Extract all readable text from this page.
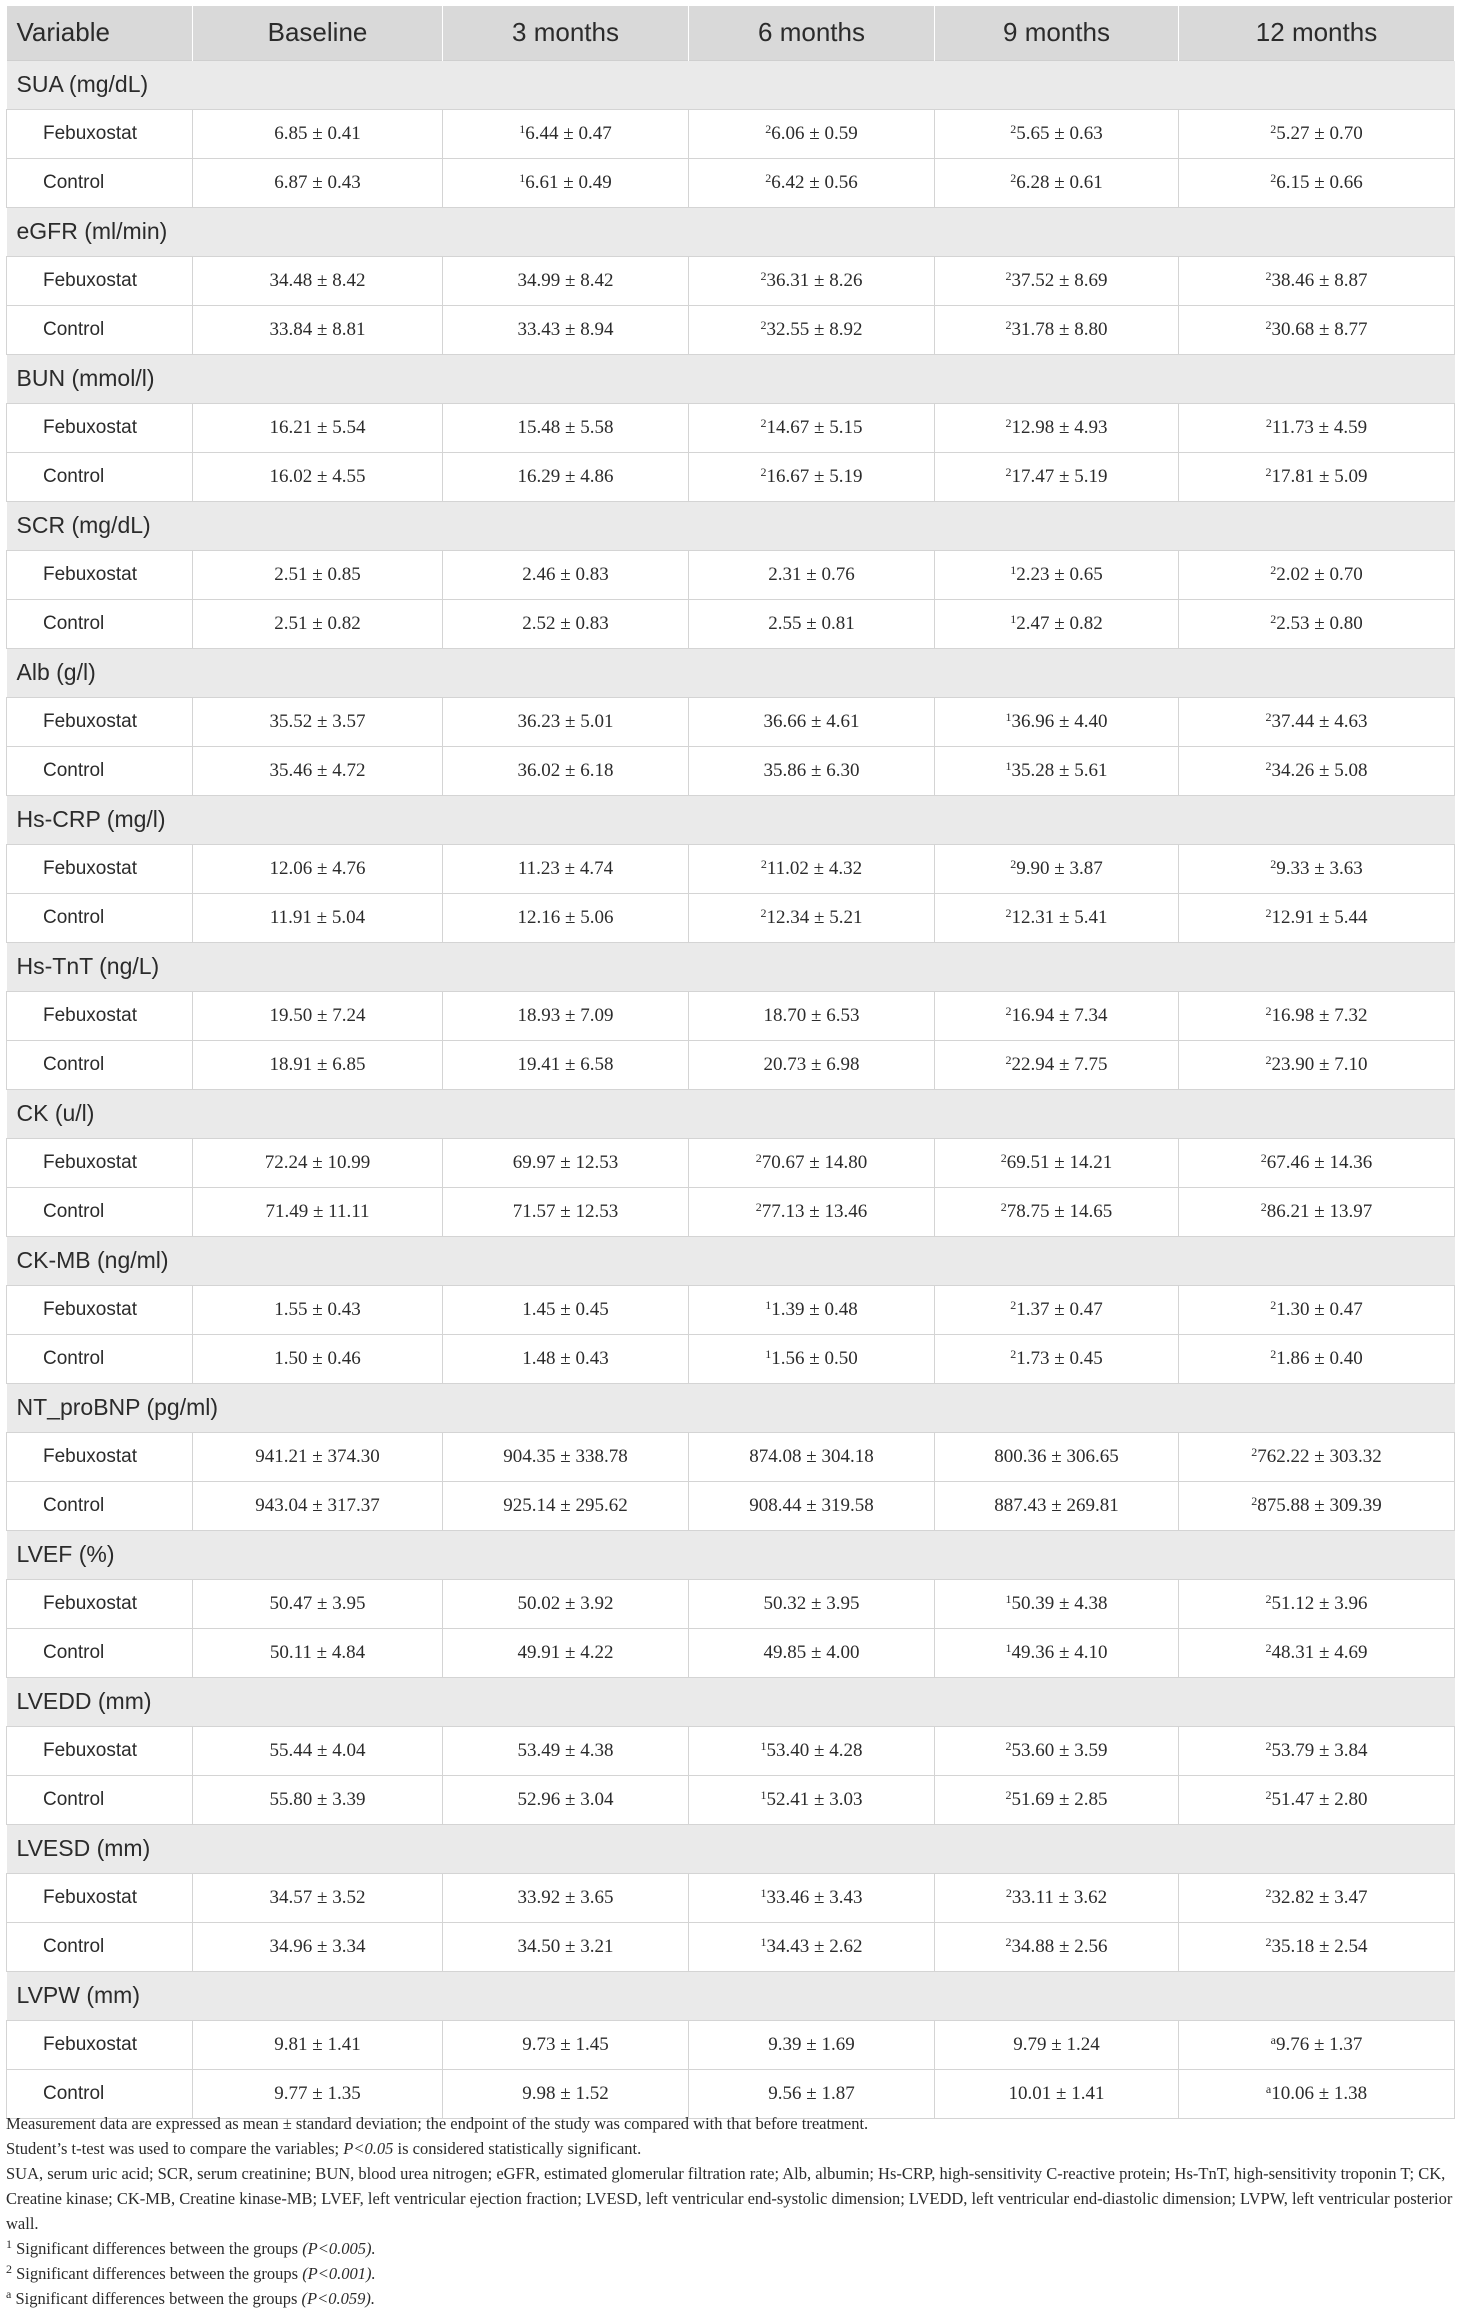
Variable	Baseline	3 months	6 months	9 months	12 months
SUA (mg/dL)					
Febuxostat	6.85 ± 0.41	$^1$6.44 ± 0.47	$^2$6.06 ± 0.59	$^2$5.65 ± 0.63	$^2$5.27 ± 0.70
Control	6.87 ± 0.43	$^1$6.61 ± 0.49	$^2$6.42 ± 0.56	$^2$6.28 ± 0.61	$^2$6.15 ± 0.66
eGFR (ml/min)					
Febuxostat	34.48 ± 8.42	34.99 ± 8.42	$^2$36.31 ± 8.26	$^2$37.52 ± 8.69	$^2$38.46 ± 8.87
Control	33.84 ± 8.81	33.43 ± 8.94	$^2$32.55 ± 8.92	$^2$31.78 ± 8.80	$^2$30.68 ± 8.77
BUN (mmol/l)					
Febuxostat	16.21 ± 5.54	15.48 ± 5.58	$^2$14.67 ± 5.15	$^2$12.98 ± 4.93	$^2$11.73 ± 4.59
Control	16.02 ± 4.55	16.29 ± 4.86	$^2$16.67 ± 5.19	$^2$17.47 ± 5.19	$^2$17.81 ± 5.09
SCR (mg/dL)					
Febuxostat	2.51 ± 0.85	2.46 ± 0.83	2.31 ± 0.76	$^1$2.23 ± 0.65	$^2$2.02 ± 0.70
Control	2.51 ± 0.82	2.52 ± 0.83	2.55 ± 0.81	$^1$2.47 ± 0.82	$^2$2.53 ± 0.80
Alb (g/l)					
Febuxostat	35.52 ± 3.57	36.23 ± 5.01	36.66 ± 4.61	$^1$36.96 ± 4.40	$^2$37.44 ± 4.63
Control	35.46 ± 4.72	36.02 ± 6.18	35.86 ± 6.30	$^1$35.28 ± 5.61	$^2$34.26 ± 5.08
Hs-CRP (mg/l)					
Febuxostat	12.06 ± 4.76	11.23 ± 4.74	$^2$11.02 ± 4.32	$^2$9.90 ± 3.87	$^2$9.33 ± 3.63
Control	11.91 ± 5.04	12.16 ± 5.06	$^2$12.34 ± 5.21	$^2$12.31 ± 5.41	$^2$12.91 ± 5.44
Hs-TnT (ng/L)					
Febuxostat	19.50 ± 7.24	18.93 ± 7.09	18.70 ± 6.53	$^2$16.94 ± 7.34	$^2$16.98 ± 7.32
Control	18.91 ± 6.85	19.41 ± 6.58	20.73 ± 6.98	$^2$22.94 ± 7.75	$^2$23.90 ± 7.10
CK (u/l)					
Febuxostat	72.24 ± 10.99	69.97 ± 12.53	$^2$70.67 ± 14.80	$^2$69.51 ± 14.21	$^2$67.46 ± 14.36
Control	71.49 ± 11.11	71.57 ± 12.53	$^2$77.13 ± 13.46	$^2$78.75 ± 14.65	$^2$86.21 ± 13.97
CK-MB (ng/ml)					
Febuxostat	1.55 ± 0.43	1.45 ± 0.45	$^1$1.39 ± 0.48	$^2$1.37 ± 0.47	$^2$1.30 ± 0.47
Control	1.50 ± 0.46	1.48 ± 0.43	$^1$1.56 ± 0.50	$^2$1.73 ± 0.45	$^2$1.86 ± 0.40
NT_proBNP (pg/ml)					
Febuxostat	941.21 ± 374.30	904.35 ± 338.78	874.08 ± 304.18	800.36 ± 306.65	$^2$762.22 ± 303.32
Control	943.04 ± 317.37	925.14 ± 295.62	908.44 ± 319.58	887.43 ± 269.81	$^2$875.88 ± 309.39
LVEF (%)					
Febuxostat	50.47 ± 3.95	50.02 ± 3.92	50.32 ± 3.95	$^1$50.39 ± 4.38	$^2$51.12 ± 3.96
Control	50.11 ± 4.84	49.91 ± 4.22	49.85 ± 4.00	$^1$49.36 ± 4.10	$^2$48.31 ± 4.69
LVEDD (mm)					
Febuxostat	55.44 ± 4.04	53.49 ± 4.38	$^1$53.40 ± 4.28	$^2$53.60 ± 3.59	$^2$53.79 ± 3.84
Control	55.80 ± 3.39	52.96 ± 3.04	$^1$52.41 ± 3.03	$^2$51.69 ± 2.85	$^2$51.47 ± 2.80
LVESD (mm)					
Febuxostat	34.57 ± 3.52	33.92 ± 3.65	$^1$33.46 ± 3.43	$^2$33.11 ± 3.62	$^2$32.82 ± 3.47
Control	34.96 ± 3.34	34.50 ± 3.21	$^1$34.43 ± 2.62	$^2$34.88 ± 2.56	$^2$35.18 ± 2.54
LVPW (mm)					
Febuxostat	9.81 ± 1.41	9.73 ± 1.45	9.39 ± 1.69	9.79 ± 1.24	$^a$9.76 ± 1.37
Control	9.77 ± 1.35	9.98 ± 1.52	9.56 ± 1.87	10.01 ± 1.41	$^a$10.06 ± 1.38

Measurement data are expressed as mean ± standard deviation; the endpoint of the study was compared with that before treatment.

Student’s t-test was used to compare the variables; P<0.05 is considered statistically significant.

SUA, serum uric acid; SCR, serum creatinine; BUN, blood urea nitrogen; eGFR, estimated glomerular filtration rate; Alb, albumin; Hs-CRP, high-sensitivity C-reactive protein; Hs-TnT, high-sensitivity troponin T; CK, Creatine kinase; CK-MB, Creatine kinase-MB; LVEF, left ventricular ejection fraction; LVESD, left ventricular end-systolic dimension; LVEDD, left ventricular end-diastolic dimension; LVPW, left ventricular posterior wall.

$^1$ Significant differences between the groups (P<0.005).

$^2$ Significant differences between the groups (P<0.001).

$^a$ Significant differences between the groups (P<0.059).
